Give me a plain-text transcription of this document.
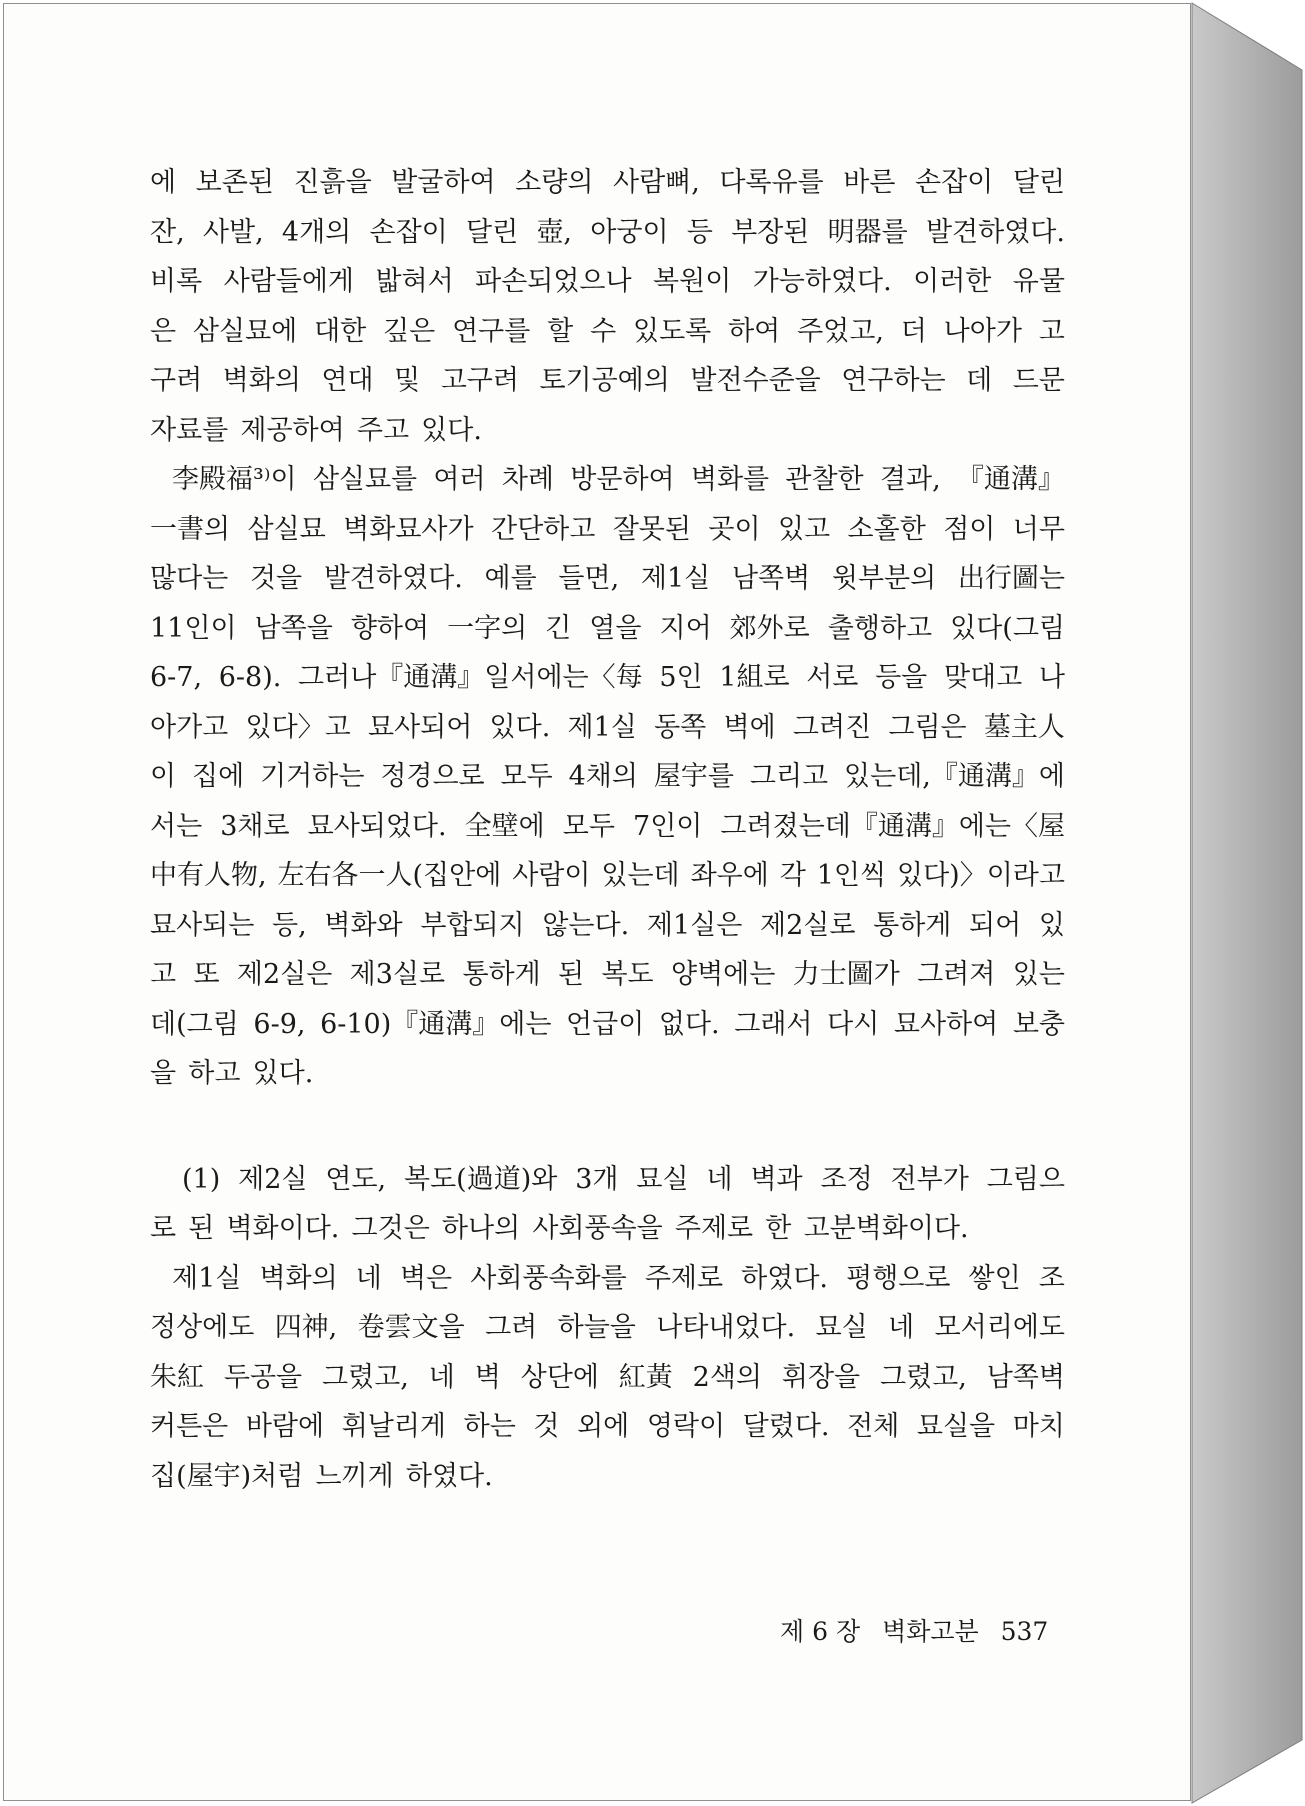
에 보존된 진흙을 발굴하여 소량의 사람뼈, 다록유를 바른 손잡이 달린
잔, 사발, 4개의 손잡이 달린 壺, 아궁이 등 부장된 明器를 발견하였다.
비록 사람들에게 밟혀서 파손되었으나 복원이 가능하였다. 이러한 유물
은 삼실묘에 대한 깊은 연구를 할 수 있도록 하여 주었고, 더 나아가 고
구려 벽화의 연대 및 고구려 토기공예의 발전수준을 연구하는 데 드문
자료를 제공하여 주고 있다.
李殿福³⁾이 삼실묘를 여러 차례 방문하여 벽화를 관찰한 결과, 『通溝』
一書의 삼실묘 벽화묘사가 간단하고 잘못된 곳이 있고 소홀한 점이 너무
많다는 것을 발견하였다. 예를 들면, 제1실 남쪽벽 윗부분의 出行圖는
11인이 남쪽을 향하여 一字의 긴 열을 지어 郊外로 출행하고 있다(그림
6-7, 6-8). 그러나『通溝』일서에는〈每 5인 1組로 서로 등을 맞대고 나
아가고 있다〉고 묘사되어 있다. 제1실 동쪽 벽에 그려진 그림은 墓主人
이 집에 기거하는 정경으로 모두 4채의 屋宇를 그리고 있는데,『通溝』에
서는 3채로 묘사되었다. 全壁에 모두 7인이 그려졌는데『通溝』에는〈屋
中有人物, 左右各一人(집안에 사람이 있는데 좌우에 각 1인씩 있다)〉이라고
묘사되는 등, 벽화와 부합되지 않는다. 제1실은 제2실로 통하게 되어 있
고 또 제2실은 제3실로 통하게 된 복도 양벽에는 力士圖가 그려져 있는
데(그림 6-9, 6-10)『通溝』에는 언급이 없다. 그래서 다시 묘사하여 보충
을 하고 있다.
(1) 제2실 연도, 복도(過道)와 3개 묘실 네 벽과 조정 전부가 그림으
로 된 벽화이다. 그것은 하나의 사회풍속을 주제로 한 고분벽화이다.
제1실 벽화의 네 벽은 사회풍속화를 주제로 하였다. 평행으로 쌓인 조
정상에도 四神, 卷雲文을 그려 하늘을 나타내었다. 묘실 네 모서리에도
朱紅 두공을 그렸고, 네 벽 상단에 紅黃 2색의 휘장을 그렸고, 남쪽벽
커튼은 바람에 휘날리게 하는 것 외에 영락이 달렸다. 전체 묘실을 마치
집(屋宇)처럼 느끼게 하였다.
제 6 장 벽화고분 537
